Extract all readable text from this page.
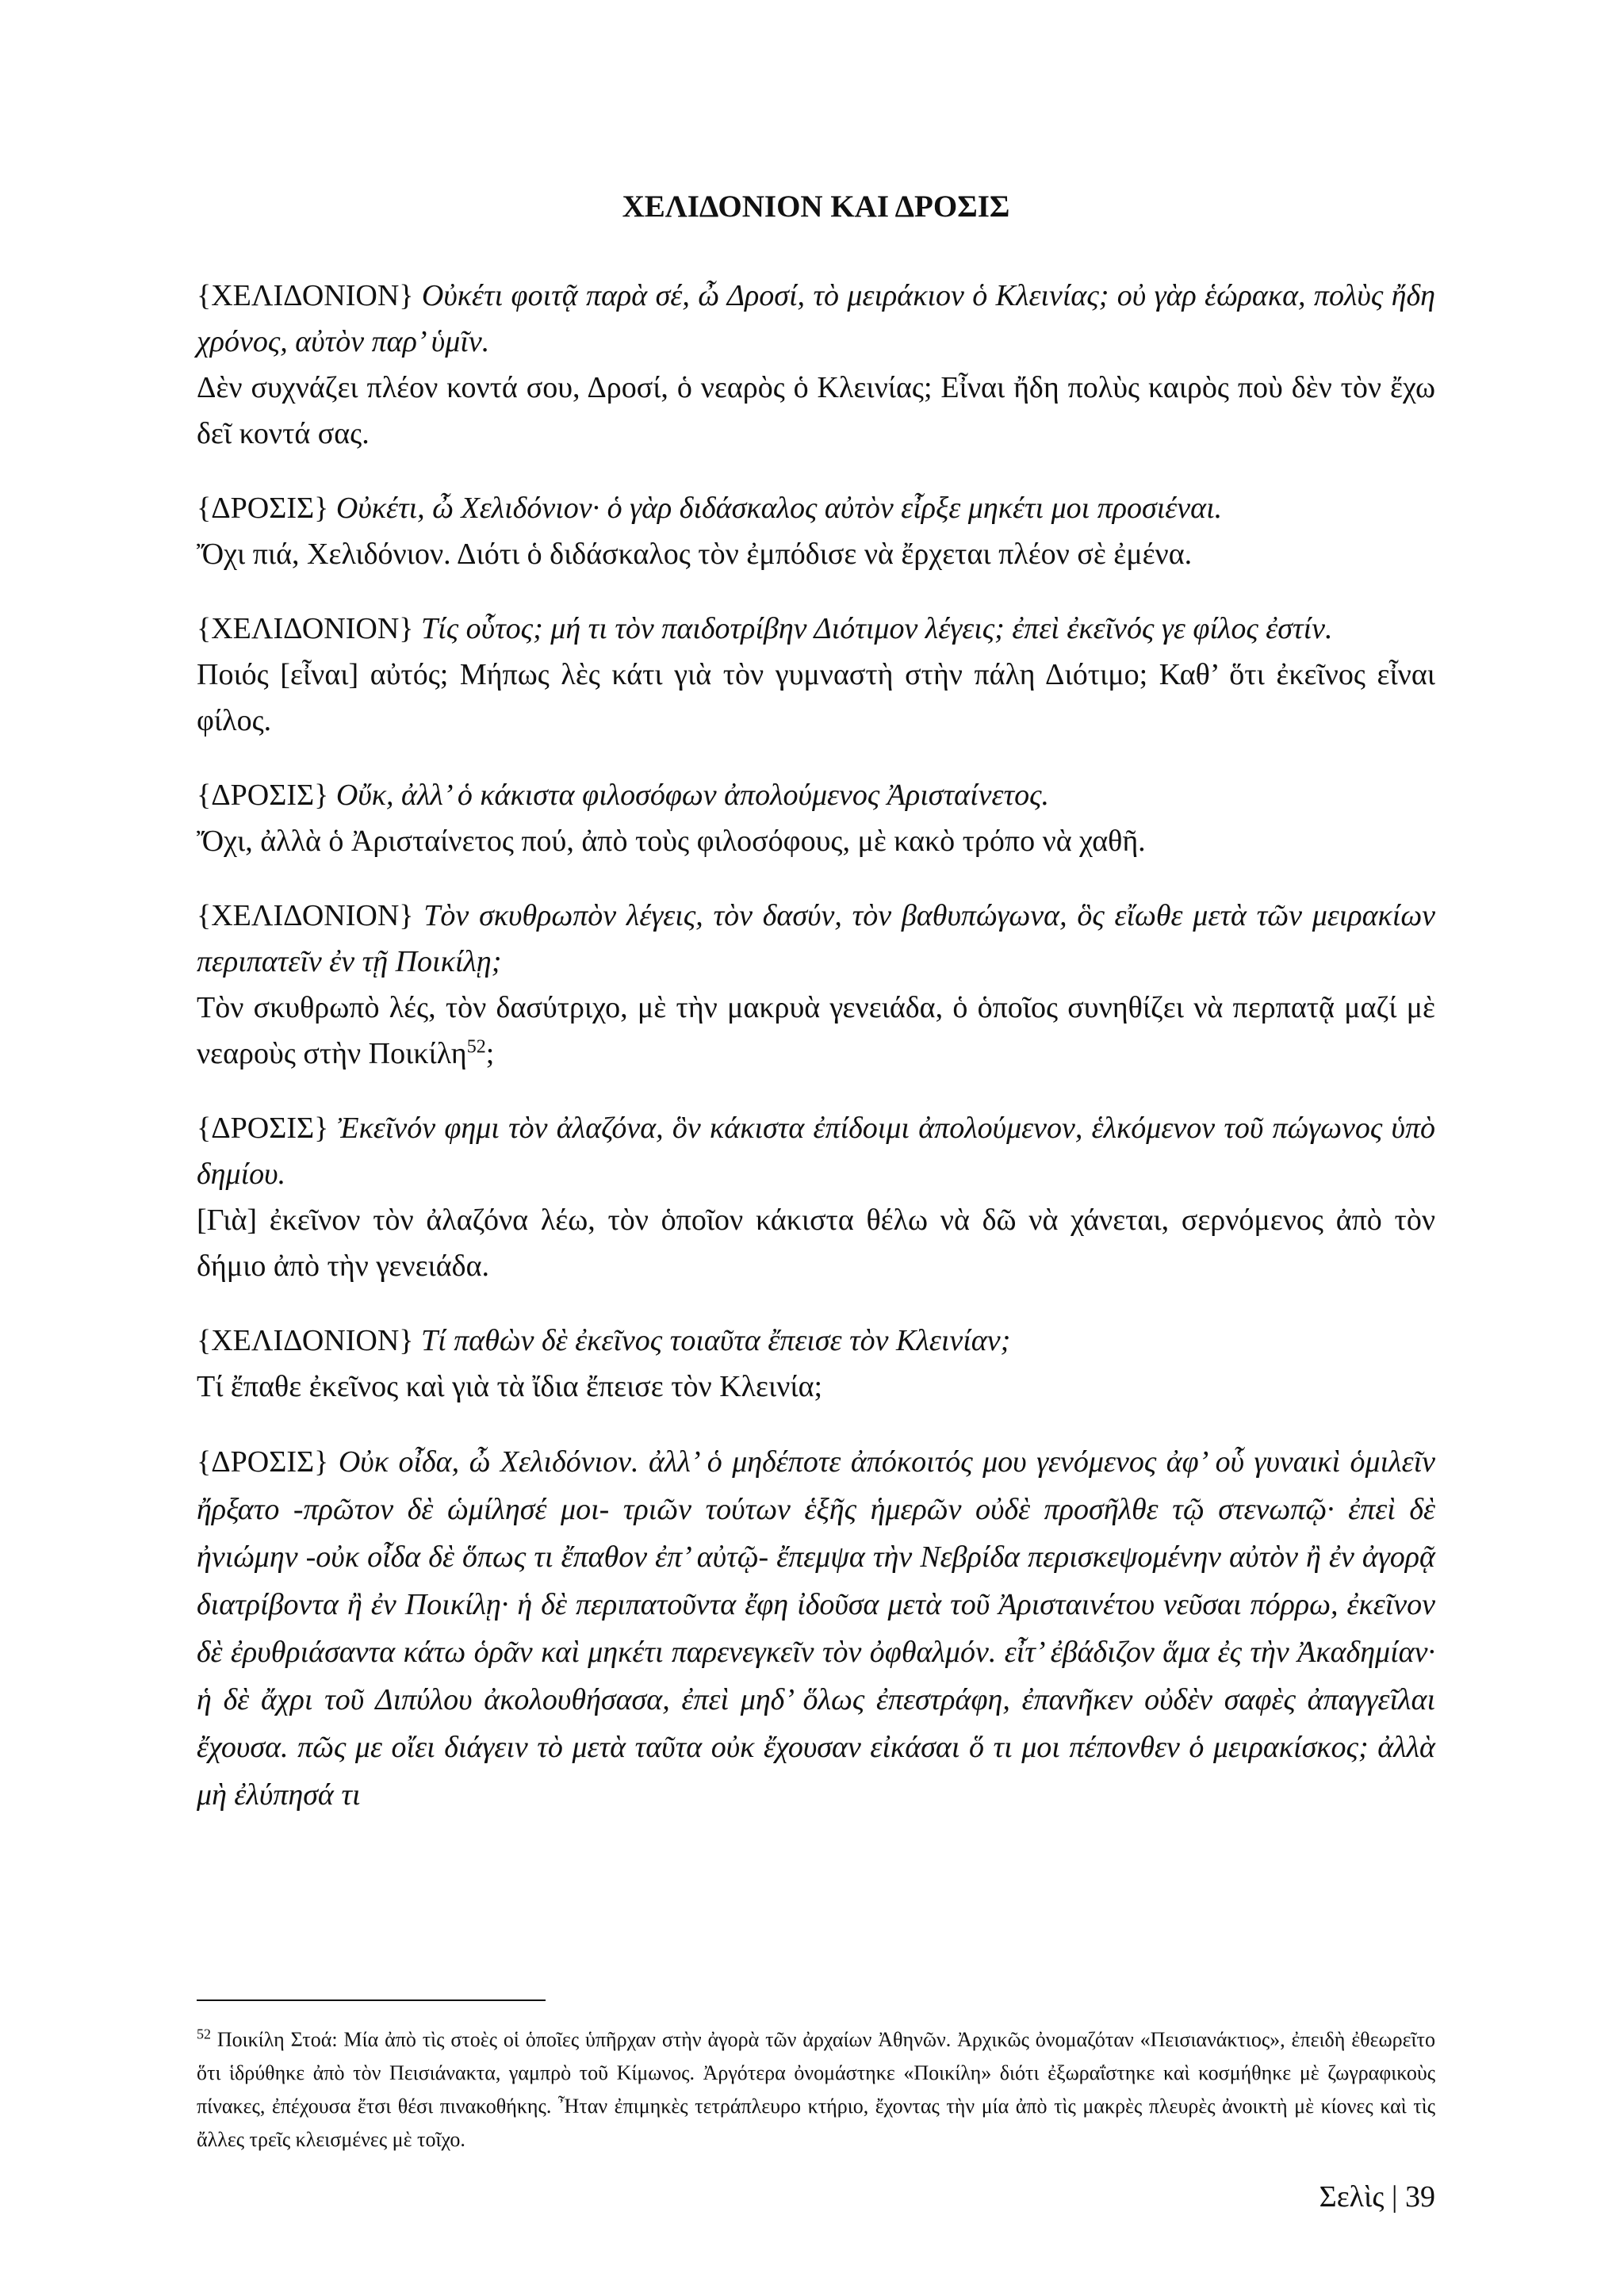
ΧΕΛΙΔΟΝΙΟΝ ΚΑΙ ΔΡΟΣΙΣ

{ΧΕΛΙΔΟΝΙΟΝ} Οὐκέτι φοιτᾷ παρὰ σέ, ὦ Δροσί, τὸ μειράκιον ὁ Κλεινίας; οὐ γὰρ ἑώρακα, πολὺς ἤδη χρόνος, αὐτὸν παρ’ ὑμῖν.

Δὲν συχνάζει πλέον κοντά σου, Δροσί, ὁ νεαρὸς ὁ Κλεινίας; Εἶναι ἤδη πολὺς καιρὸς ποὺ δὲν τὸν ἔχω δεῖ κοντά σας.

{ΔΡΟΣΙΣ} Οὐκέτι, ὦ Χελιδόνιον· ὁ γὰρ διδάσκαλος αὐτὸν εἶρξε μηκέτι μοι προσιέναι.

Ὄχι πιά, Χελιδόνιον. Διότι ὁ διδάσκαλος τὸν ἐμπόδισε νὰ ἔρχεται πλέον σὲ ἐμένα.

{ΧΕΛΙΔΟΝΙΟΝ} Τίς οὗτος; μή τι τὸν παιδοτρίβην Διότιμον λέγεις; ἐπεὶ ἐκεῖνός γε φίλος ἐστίν.

Ποιός [εἶναι] αὐτός; Μήπως λὲς κάτι γιὰ τὸν γυμναστὴ στὴν πάλη Διότιμο; Καθ’ ὅτι ἐκεῖνος εἶναι φίλος.

{ΔΡΟΣΙΣ} Οὔκ, ἀλλ’ ὁ κάκιστα φιλοσόφων ἀπολούμενος Ἀρισταίνετος.

Ὄχι, ἀλλὰ ὁ Ἀρισταίνετος πού, ἀπὸ τοὺς φιλοσόφους, μὲ κακὸ τρόπο νὰ χαθῆ.

{ΧΕΛΙΔΟΝΙΟΝ} Τὸν σκυθρωπὸν λέγεις, τὸν δασύν, τὸν βαθυπώγωνα, ὃς εἴωθε μετὰ τῶν μειρακίων περιπατεῖν ἐν τῇ Ποικίλῃ;

Τὸν σκυθρωπὸ λές, τὸν δασύτριχο, μὲ τὴν μακρυὰ γενειάδα, ὁ ὁποῖος συνηθίζει νὰ περπατᾷ μαζί μὲ νεαροὺς στὴν Ποικίλη$^{52}$;

{ΔΡΟΣΙΣ} Ἐκεῖνόν φημι τὸν ἀλαζόνα, ὃν κάκιστα ἐπίδοιμι ἀπολούμενον, ἑλκόμενον τοῦ πώγωνος ὑπὸ δημίου.

[Γιὰ] ἐκεῖνον τὸν ἀλαζόνα λέω, τὸν ὁποῖον κάκιστα θέλω νὰ δῶ νὰ χάνεται, σερνόμενος ἀπὸ τὸν δήμιο ἀπὸ τὴν γενειάδα.

{ΧΕΛΙΔΟΝΙΟΝ} Τί παθὼν δὲ ἐκεῖνος τοιαῦτα ἔπεισε τὸν Κλεινίαν;

Τί ἔπαθε ἐκεῖνος καὶ γιὰ τὰ ἴδια ἔπεισε τὸν Κλεινία;

{ΔΡΟΣΙΣ} Οὐκ οἶδα, ὦ Χελιδόνιον. ἀλλ’ ὁ μηδέποτε ἀπόκοιτός μου γενόμενος ἀφ’ οὗ γυναικὶ ὁμιλεῖν ἤρξατο -πρῶτον δὲ ὡμίλησέ μοι- τριῶν τούτων ἑξῆς ἡμερῶν οὐδὲ προσῆλθε τῷ στενωπῷ· ἐπεὶ δὲ ἠνιώμην -οὐκ οἶδα δὲ ὅπως τι ἔπαθον ἐπ’ αὐτῷ- ἔπεμψα τὴν Νεβρίδα περισκεψομένην αὐτὸν ἢ ἐν ἀγορᾷ διατρίβοντα ἢ ἐν Ποικίλῃ· ἡ δὲ περιπατοῦντα ἔφη ἰδοῦσα μετὰ τοῦ Ἀρισταινέτου νεῦσαι πόρρω, ἐκεῖνον δὲ ἐρυθριάσαντα κάτω ὁρᾶν καὶ μηκέτι παρενεγκεῖν τὸν ὀφθαλμόν. εἶτ’ ἐβάδιζον ἅμα ἐς τὴν Ἀκαδημίαν· ἡ δὲ ἄχρι τοῦ Διπύλου ἀκολουθήσασα, ἐπεὶ μηδ’ ὅλως ἐπεστράφη, ἐπανῆκεν οὐδὲν σαφὲς ἀπαγγεῖλαι ἔχουσα. πῶς με οἴει διάγειν τὸ μετὰ ταῦτα οὐκ ἔχουσαν εἰκάσαι ὅ τι μοι πέπονθεν ὁ μειρακίσκος; ἀλλὰ μὴ ἐλύπησά τι

$^{52}$ Ποικίλη Στοά: Μία ἀπὸ τὶς στοὲς οἱ ὁποῖες ὑπῆρχαν στὴν ἀγορὰ τῶν ἀρχαίων Ἀθηνῶν. Ἀρχικῶς ὀνομαζόταν «Πεισιανάκτιος», ἐπειδὴ ἐθεωρεῖτο ὅτι ἱδρύθηκε ἀπὸ τὸν Πεισιάνακτα, γαμπρὸ τοῦ Κίμωνος. Ἀργότερα ὀνομάστηκε «Ποικίλη» διότι ἐξωραΐστηκε καὶ κοσμήθηκε μὲ ζωγραφικοὺς πίνακες, ἐπέχουσα ἔτσι θέσι πινακοθήκης. Ἦταν ἐπιμηκὲς τετράπλευρο κτήριο, ἔχοντας τὴν μία ἀπὸ τὶς μακρὲς πλευρὲς ἀνοικτὴ μὲ κίονες καὶ τὶς ἄλλες τρεῖς κλεισμένες μὲ τοῖχο.

Σελὶς | 39
